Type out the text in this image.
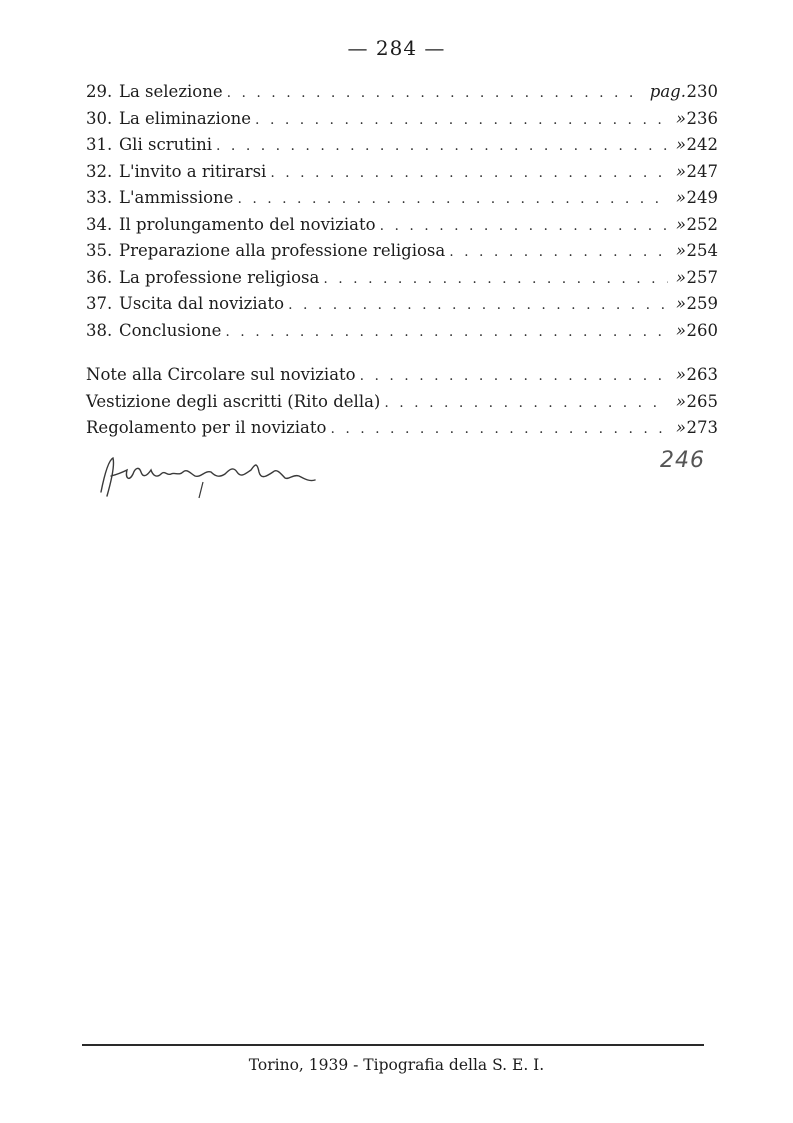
— 284 —
29. La selezione . . .	pag. 230
30. La eliminazione . . .	» 236
31. Gli scrutini . . .	» 242
32. L'invito a ritirarsi . . .	» 247
33. L'ammissione . . .	» 249
34. Il prolungamento del noviziato . . .	» 252
35. Preparazione alla professione religiosa . . .	» 254
36. La professione religiosa . . .	» 257
37. Uscita dal noviziato . . .	» 259
38. Conclusione . . .	» 260
Note alla Circolare sul noviziato . . .	» 263
Vestizione degli ascritti (Rito della) . . .	» 265
Regolamento per il noviziato . . .	» 273
246
Torino, 1939 - Tipografia della S. E. I.
